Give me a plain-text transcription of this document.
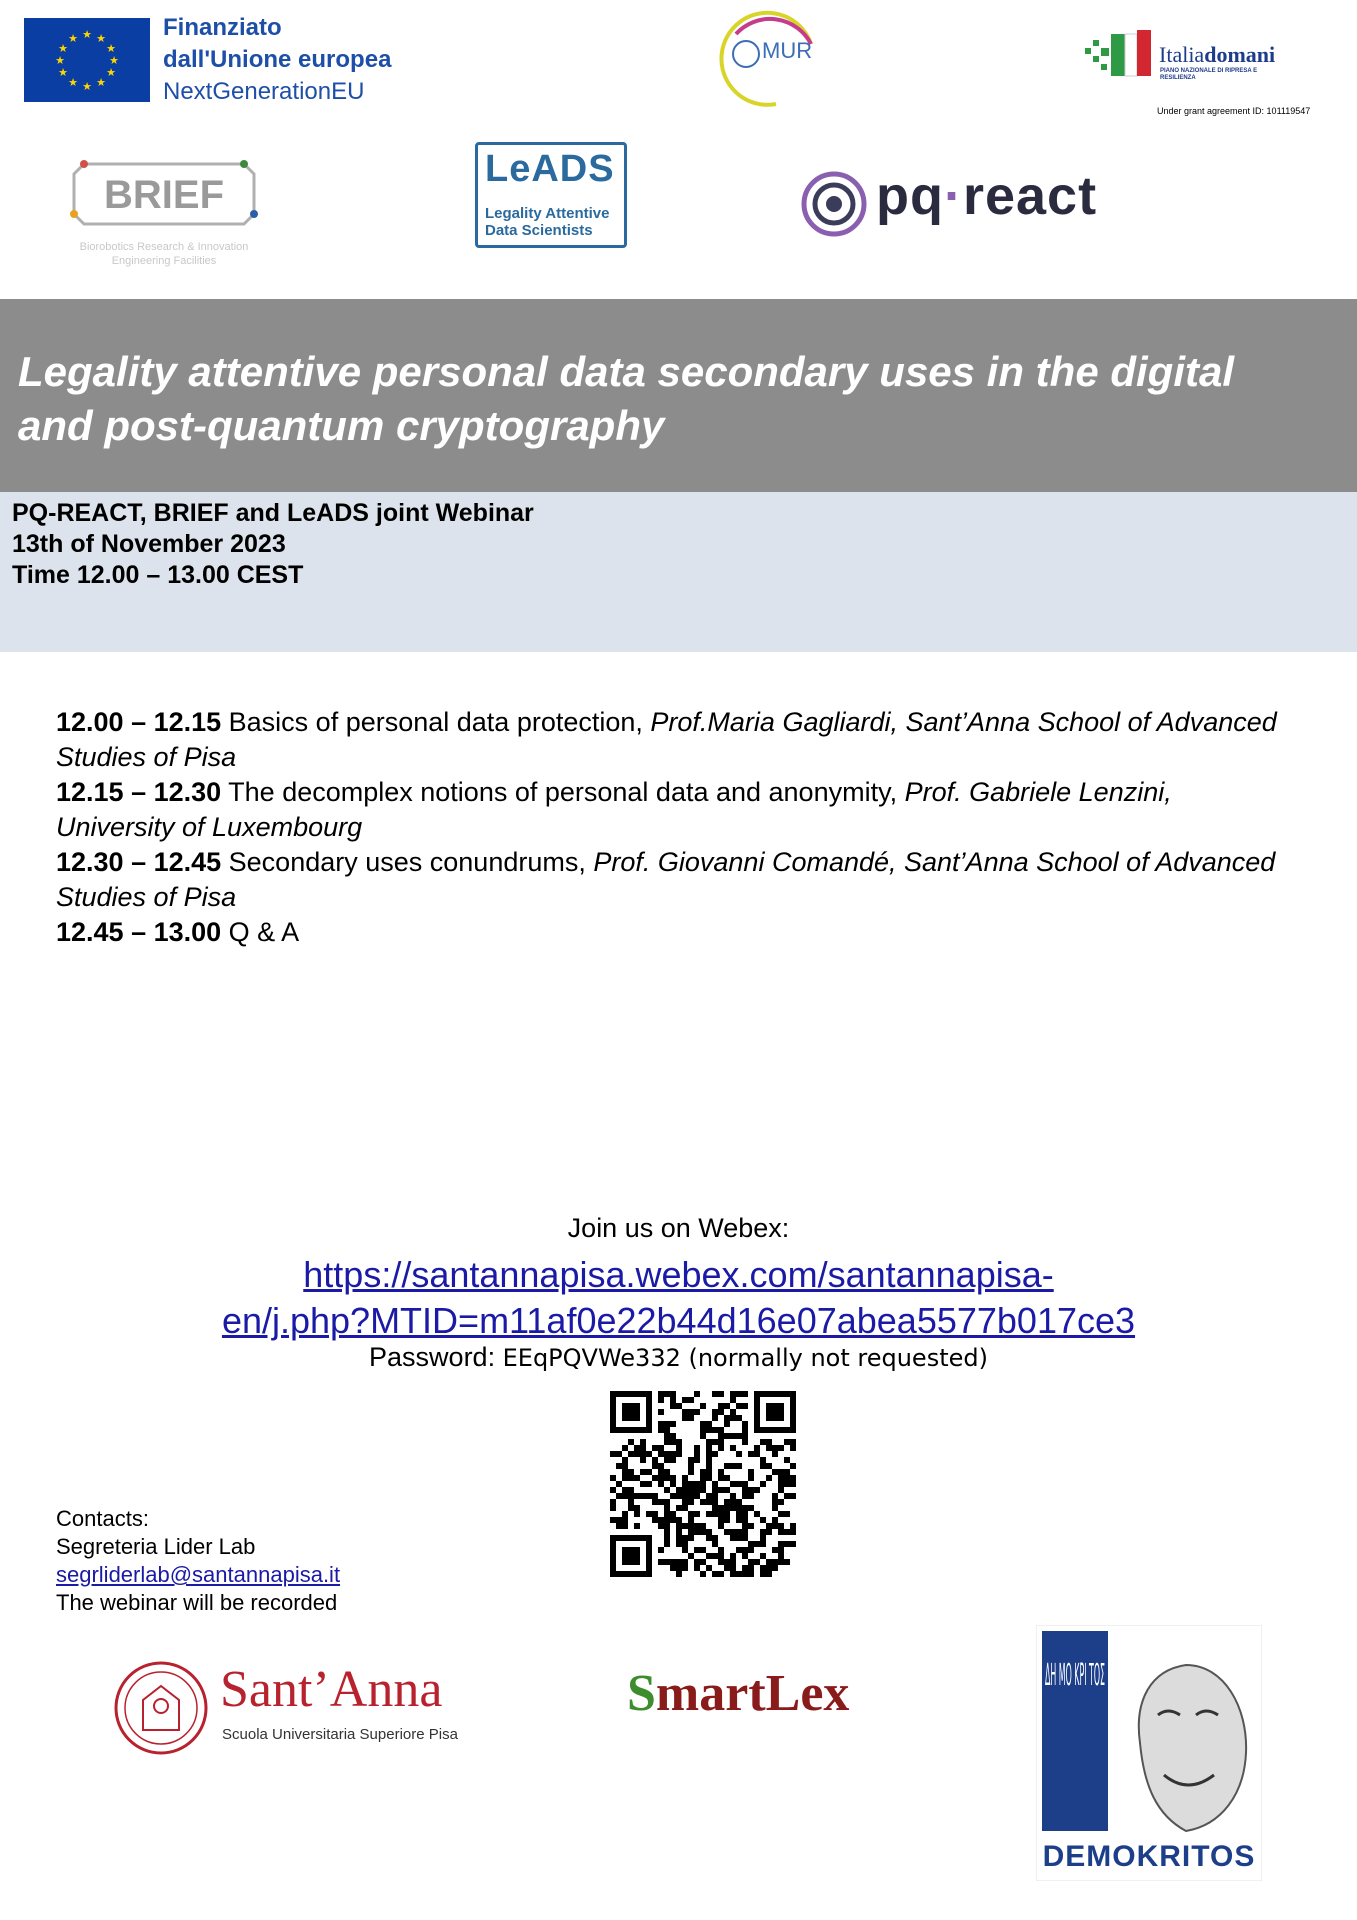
★ ★
★
★
★
★
★
★
★
★
★
★	Finanziato
dall'Unione europea
NextGenerationEU
MUR	Italiadomani
PIANO NAZIONALE DI RIPRESA E RESILIENZA
Under grant agreement ID: 101119547
BRIEF
Biorobotics Research & Innovation Engineering Facilities
LeADS
Legality Attentive
Data Scientists
pq·react
Legality attentive personal data secondary uses in the digital
and post-quantum cryptography
PQ-REACT, BRIEF and LeADS joint Webinar
13th of November 2023
Time 12.00 – 13.00 CEST

12.00 – 12.15 Basics of personal data protection, Prof.Maria Gagliardi, Sant’Anna School of Advanced Studies of Pisa

12.15 – 12.30 The decomplex notions of personal data and anonymity, Prof. Gabriele Lenzini, University of Luxembourg

12.30 – 12.45 Secondary uses conundrums, Prof. Giovanni Comandé, Sant’Anna School of Advanced Studies of Pisa

12.45 – 13.00 Q & A

Join us on Webex:
https://santannapisa.webex.com/santannapisa-
en/j.php?MTID=m11af0e22b44d16e07abea5577b017ce3
Password: EEqPQVWe332 (normally not requested)
Contacts:
Segreteria Lider Lab
segrliderlab@santannapisa.it
The webinar will be recorded
Sant’Anna
Scuola Universitaria Superiore Pisa
SmartLex	ΔΗ ΜΟ ΚΡΙ ΤΟΣ
DEMOKRITOS
